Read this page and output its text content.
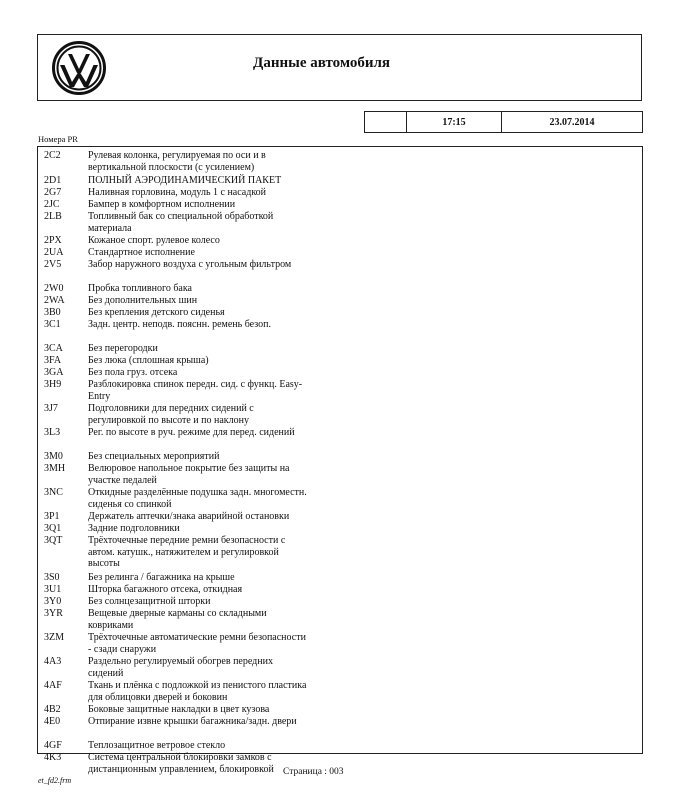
Данные автомобиля
17:15	23.07.2014
Номера PR
2C2	Рулевая колонка, регулируемая по оси и в вертикальной плоскости (с усилением)
2D1	ПОЛНЫЙ АЭРОДИНАМИЧЕСКИЙ ПАКЕТ
2G7	Наливная горловина, модуль 1 с насадкой
2JC	Бампер в комфортном исполнении
2LB	Топливный бак со специальной обработкой материала
2PX	Кожаное спорт. рулевое колесо
2UA	Стандартное исполнение
2V5	Забор наружного воздуха с угольным фильтром
2W0	Пробка топливного бака
2WA	Без дополнительных шин
3B0	Без крепления детского сиденья
3C1	Задн. центр. неподв. пояснн. ремень безоп.
3CA	Без перегородки
3FA	Без люка (сплошная крыша)
3GA	Без пола груз. отсека
3H9	Разблокировка спинок передн. сид. с функц. Easy-Entry
3J7	Подголовники для передних сидений с регулировкой по высоте и по наклону
3L3	Рег. по высоте в руч. режиме для перед. сидений
3M0	Без специальных мероприятий
3MH	Велюровое напольное покрытие без защиты на участке педалей
3NC	Откидные разделённые подушка задн. многоместн. сиденья со спинкой
3P1	Держатель аптечки/знака аварийной остановки
3Q1	Задние подголовники
3QT	Трёхточечные передние ремни безопасности с автом. катушк., натяжителем и регулировкой высоты
3S0	Без релинга / багажника на крыше
3U1	Шторка багажного отсека, откидная
3Y0	Без солнцезащитной шторки
3YR	Вещевые дверные карманы со складными ковриками
3ZM	Трёхточечные автоматические ремни безопасности - сзади снаружи
4A3	Раздельно регулируемый обогрев передних сидений
4AF	Ткань и плёнка с подложкой из пенистого пластика для облицовки дверей и боковин
4B2	Боковые защитные накладки в цвет кузова
4E0	Отпирание извне крышки багажника/задн. двери
4GF	Теплозащитное ветровое стекло
4K3	Система центральной блокировки замков с дистанционным управлением, блокировкой Страница : 003
et_fd2.frm
